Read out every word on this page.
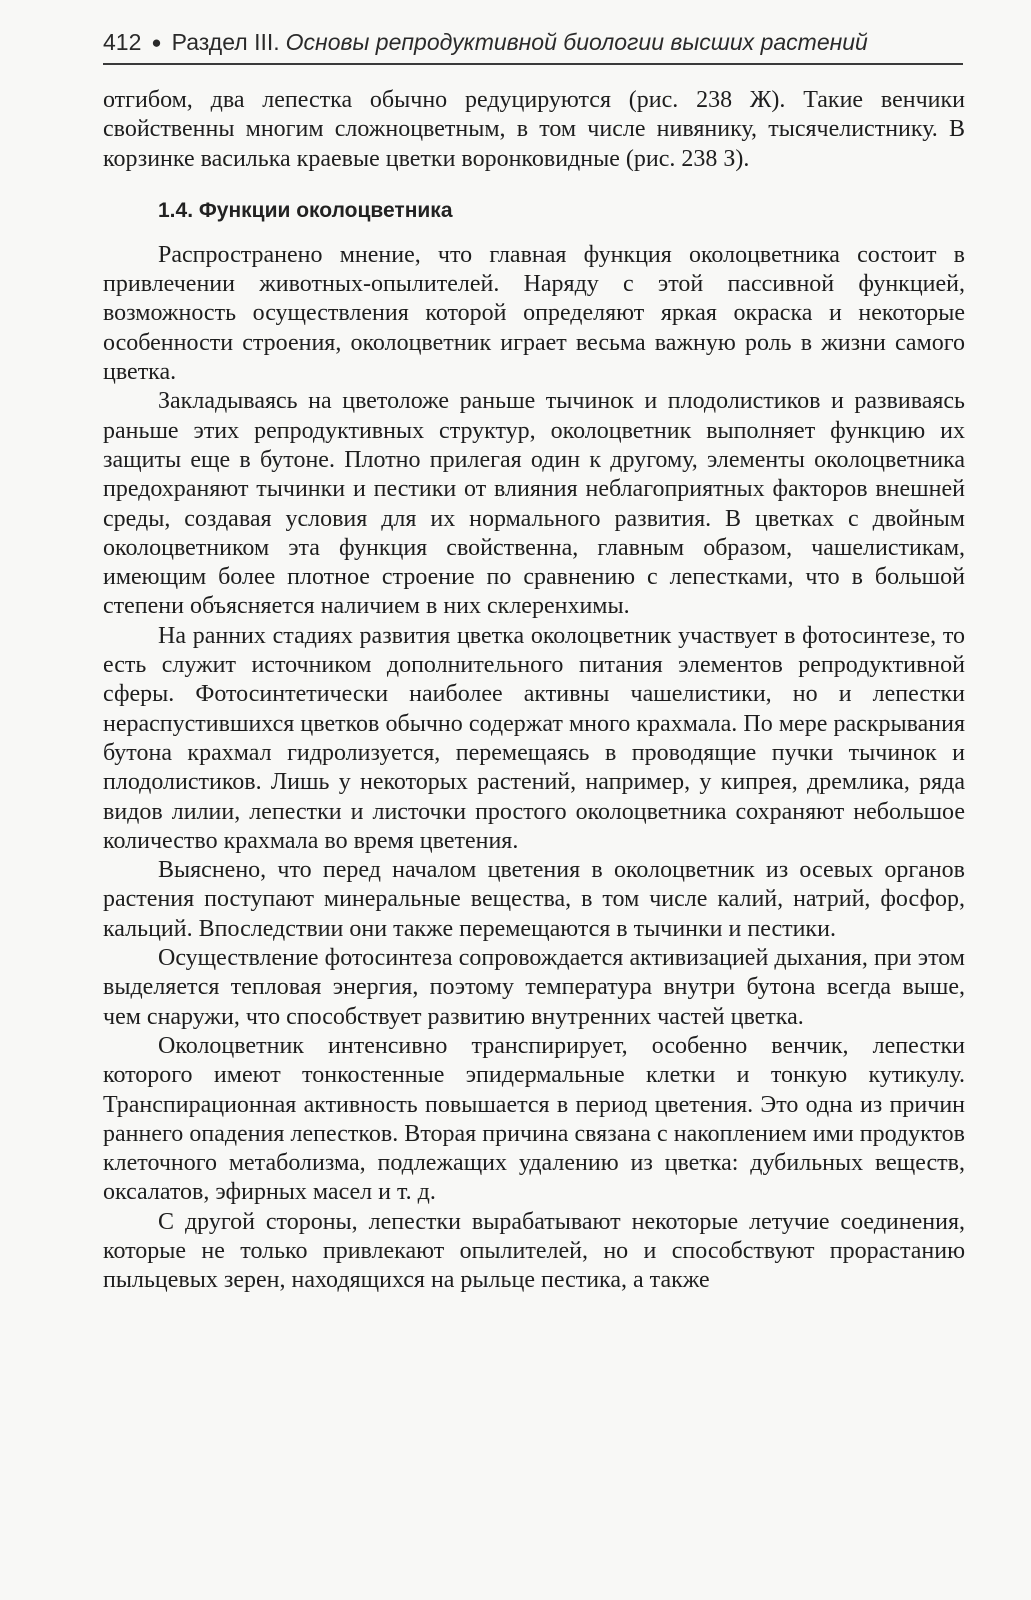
412 ● Раздел III. Основы репродуктивной биологии высших растений

отгибом, два лепестка обычно редуцируются (рис. 238 Ж). Такие венчики свойственны многим сложноцветным, в том числе нивянику, тысячелистнику. В корзинке василька краевые цветки воронковидные (рис. 238 З).

1.4. Функции околоцветника

Распространено мнение, что главная функция околоцветника состоит в привлечении животных-опылителей. Наряду с этой пассивной функцией, возможность осуществления которой определяют яркая окраска и некоторые особенности строения, околоцветник играет весьма важную роль в жизни самого цветка.

Закладываясь на цветоложе раньше тычинок и плодолистиков и развиваясь раньше этих репродуктивных структур, околоцветник выполняет функцию их защиты еще в бутоне. Плотно прилегая один к другому, элементы околоцветника предохраняют тычинки и пестики от влияния неблагоприятных факторов внешней среды, создавая условия для их нормального развития. В цветках с двойным околоцветником эта функция свойственна, главным образом, чашелистикам, имеющим более плотное строение по сравнению с лепестками, что в большой степени объясняется наличием в них склеренхимы.

На ранних стадиях развития цветка околоцветник участвует в фотосинтезе, то есть служит источником дополнительного питания элементов репродуктивной сферы. Фотосинтетически наиболее активны чашелистики, но и лепестки нераспустившихся цветков обычно содержат много крахмала. По мере раскрывания бутона крахмал гидролизуется, перемещаясь в проводящие пучки тычинок и плодолистиков. Лишь у некоторых растений, например, у кипрея, дремлика, ряда видов лилии, лепестки и листочки простого околоцветника сохраняют небольшое количество крахмала во время цветения.

Выяснено, что перед началом цветения в околоцветник из осевых органов растения поступают минеральные вещества, в том числе калий, натрий, фосфор, кальций. Впоследствии они также перемещаются в тычинки и пестики.

Осуществление фотосинтеза сопровождается активизацией дыхания, при этом выделяется тепловая энергия, поэтому температура внутри бутона всегда выше, чем снаружи, что способствует развитию внутренних частей цветка.

Околоцветник интенсивно транспирирует, особенно венчик, лепестки которого имеют тонкостенные эпидермальные клетки и тонкую кутикулу. Транспирационная активность повышается в период цветения. Это одна из причин раннего опадения лепестков. Вторая причина связана с накоплением ими продуктов клеточного метаболизма, подлежащих удалению из цветка: дубильных веществ, оксалатов, эфирных масел и т. д.

С другой стороны, лепестки вырабатывают некоторые летучие соединения, которые не только привлекают опылителей, но и способствуют прорастанию пыльцевых зерен, находящихся на рыльце пестика, а также
